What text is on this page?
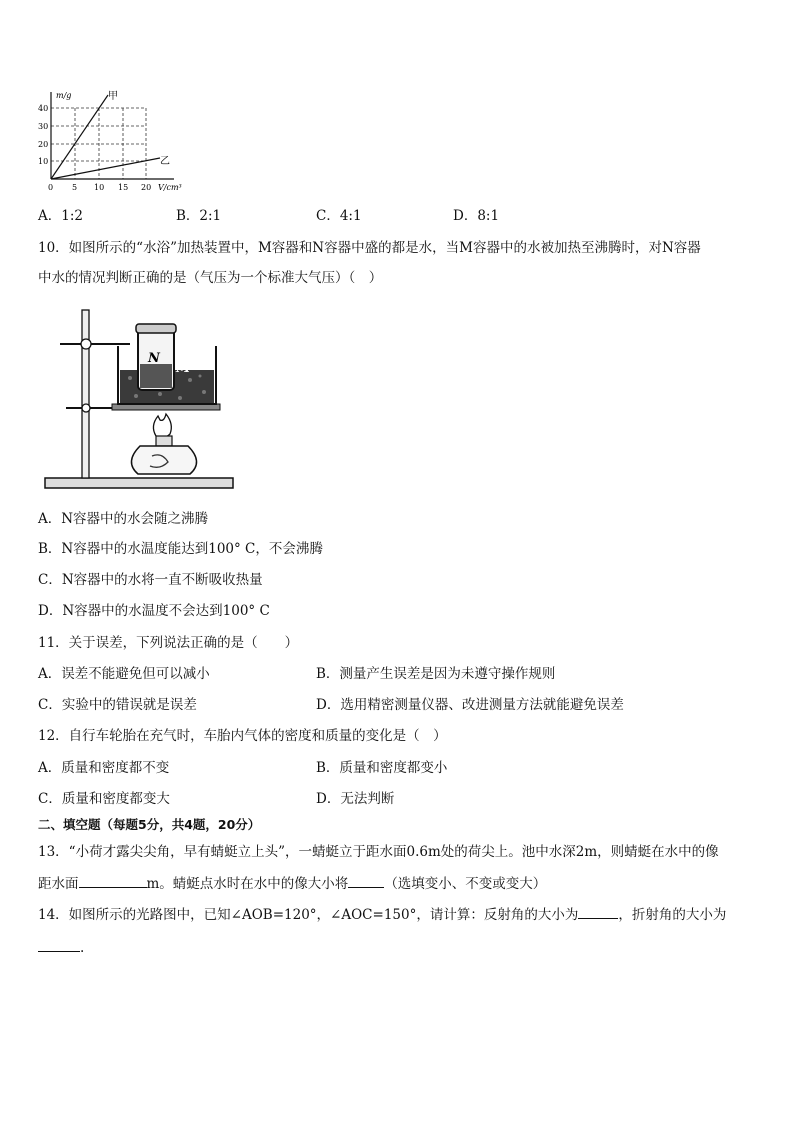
m/g
40
30
20
10
0 5 10 15 20 V/cm³
甲
乙
A．1:2	B．2:1	C．4:1	D．8:1
10．如图所示的“水浴”加热装置中，M容器和N容器中盛的都是水，当M容器中的水被加热至沸腾时，对N容器
中水的情况判断正确的是（气压为一个标准大气压）（　）
N
M
A．N容器中的水会随之沸腾
B．N容器中的水温度能达到100° C，不会沸腾
C．N容器中的水将一直不断吸收热量
D．N容器中的水温度不会达到100° C
11．关于误差，下列说法正确的是（　　）
A．误差不能避免但可以减小	B．测量产生误差是因为未遵守操作规则
C．实验中的错误就是误差	D．选用精密测量仪器、改进测量方法就能避免误差
12．自行车轮胎在充气时，车胎内气体的密度和质量的变化是（　）
A．质量和密度都不变	B．质量和密度都变小
C．质量和密度都变大	D．无法判断
二、填空题（每题5分，共4题，20分）
13．“小荷才露尖尖角，早有蜻蜓立上头”，一蜻蜓立于距水面0.6m处的荷尖上。池中水深2m，则蜻蜓在水中的像
距水面	m。蜻蜓点水时在水中的像大小将	（选填变小、不变或变大）
14．如图所示的光路图中，已知∠AOB=120°，∠AOC=150°，请计算：反射角的大小为	，折射角的大小为
.
